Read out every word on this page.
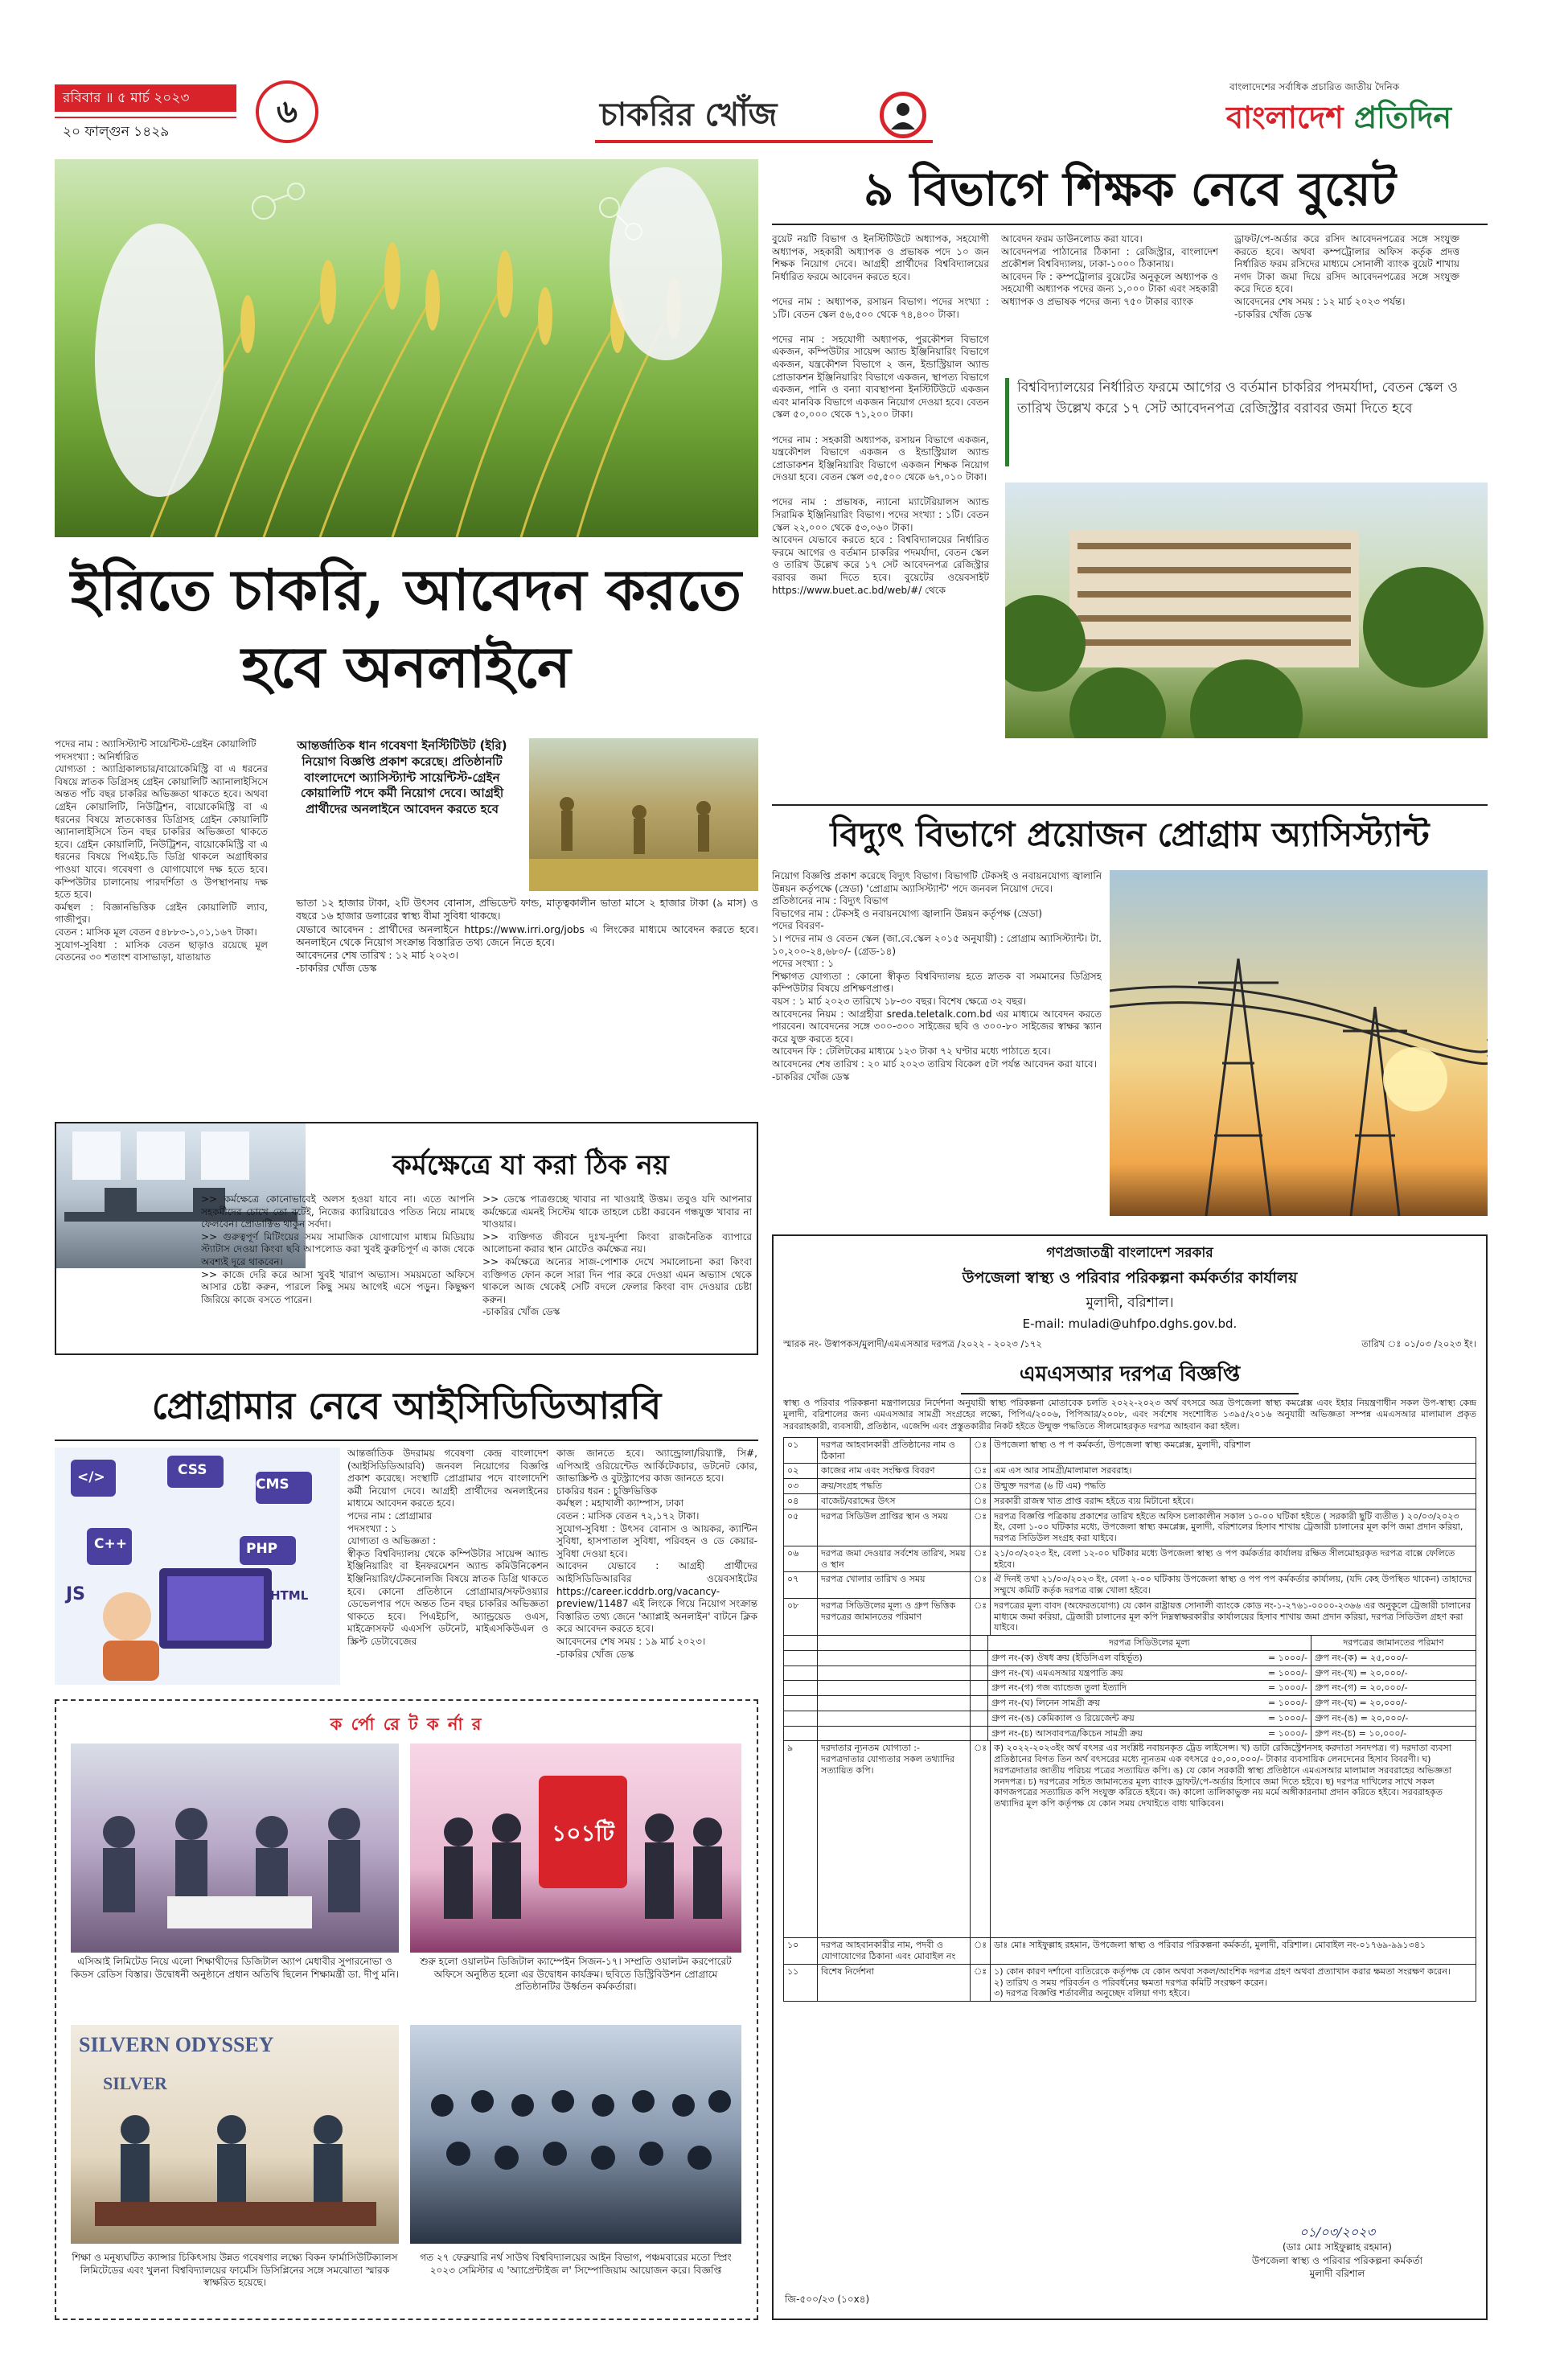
রবিবার ॥ ৫ মার্চ ২০২৩
২০ ফাল্গুন ১৪২৯
৬	চাকরির খোঁজ
বাংলাদেশের সর্বাধিক প্রচারিত জাতীয় দৈনিক
বাংলাদেশ প্রতিদিন
ইরিতে চাকরি, আবেদন করতে হবে অনলাইনে
পদের নাম : অ্যাসিস্ট্যান্ট সায়েন্টিস্ট-গ্রেইন কোয়ালিটি
পদসংখ্যা : অনির্ধারিত
যোগ্যতা : অ্যাগ্রিকালচার/বায়োকেমিস্ট্রি বা এ ধরনের বিষয়ে স্নাতক ডিগ্রিসহ গ্রেইন কোয়ালিটি অ্যানালাইসিসে অন্তত পাঁচ বছর চাকরির অভিজ্ঞতা থাকতে হবে। অথবা গ্রেইন কোয়ালিটি, নিউট্রিশন, বায়োকেমিস্ট্রি বা এ ধরনের বিষয়ে স্নাতকোত্তর ডিগ্রিসহ গ্রেইন কোয়ালিটি অ্যানালাইসিসে তিন বছর চাকরির অভিজ্ঞতা থাকতে হবে। গ্রেইন কোয়ালিটি, নিউট্রিশন, বায়োকেমিস্ট্রি বা এ ধরনের বিষয়ে পিএইচ.ডি ডিগ্রি থাকলে অগ্রাধিকার পাওয়া যাবে। গবেষণা ও যোগাযোগে দক্ষ হতে হবে। কম্পিউটার চালানোয় পারদর্শিতা ও উপস্থাপনায় দক্ষ হতে হবে।
কর্মস্থল : বিজ্ঞানভিত্তিক গ্রেইন কোয়ালিটি ল্যাব, গাজীপুর।
বেতন : মাসিক মূল বেতন ৫৪৮৮৩-১,০১,১৬৭ টাকা।
সুযোগ-সুবিধা : মাসিক বেতন ছাড়াও রয়েছে মূল বেতনের ৩০ শতাংশ বাসাভাড়া, যাতায়াত
আন্তর্জাতিক ধান গবেষণা ইনস্টিটিউট (ইরি) নিয়োগ বিজ্ঞপ্তি প্রকাশ করেছে। প্রতিষ্ঠানটি বাংলাদেশে অ্যাসিস্ট্যান্ট সায়েন্টিস্ট-গ্রেইন কোয়ালিটি পদে কর্মী নিয়োগ দেবে। আগ্রহী প্রার্থীদের অনলাইনে আবেদন করতে হবে
ভাতা ১২ হাজার টাকা, ২টি উৎসব বোনাস, প্রভিডেন্ট ফান্ড, মাতৃত্বকালীন ভাতা মাসে ২ হাজার টাকা (৯ মাস) ও বছরে ১৬ হাজার ডলারের স্বাস্থ্য বীমা সুবিধা থাকছে।
যেভাবে আবেদন : প্রার্থীদের অনলাইনে https://www.irri.org/jobs এ লিংকের মাধ্যমে আবেদন করতে হবে। অনলাইনে থেকে নিয়োগ সংক্রান্ত বিস্তারিত তথ্য জেনে নিতে হবে।
আবেদনের শেষ তারিখ : ১২ মার্চ ২০২৩।
-চাকরির খোঁজ ডেস্ক
৯ বিভাগে শিক্ষক নেবে বুয়েট
বুয়েট নয়টি বিভাগ ও ইনস্টিটিউটে অধ্যাপক, সহযোগী অধ্যাপক, সহকারী অধ্যাপক ও প্রভাষক পদে ১০ জন শিক্ষক নিয়োগ দেবে। আগ্রহী প্রার্থীদের বিশ্ববিদ্যালয়ের নির্ধারিত ফরমে আবেদন করতে হবে।

পদের নাম : অধ্যাপক, রসায়ন বিভাগ। পদের সংখ্যা : ১টি। বেতন স্কেল ৫৬,৫০০ থেকে ৭৪,৪০০ টাকা।

পদের নাম : সহযোগী অধ্যাপক, পুরকৌশল বিভাগে একজন, কম্পিউটার সায়েন্স অ্যান্ড ইঞ্জিনিয়ারিং বিভাগে একজন, যন্ত্রকৌশল বিভাগে ২ জন, ইন্ডাস্ট্রিয়াল অ্যান্ড প্রোডাকশন ইঞ্জিনিয়ারিং বিভাগে একজন, স্থাপত্য বিভাগে একজন, পানি ও বন্যা ব্যবস্থাপনা ইনস্টিটিউটে একজন এবং মানবিক বিভাগে একজন নিয়োগ দেওয়া হবে। বেতন স্কেল ৫০,০০০ থেকে ৭১,২০০ টাকা।

পদের নাম : সহকারী অধ্যাপক, রসায়ন বিভাগে একজন, যন্ত্রকৌশল বিভাগে একজন ও ইন্ডাস্ট্রিয়াল অ্যান্ড প্রোডাকশন ইঞ্জিনিয়ারিং বিভাগে একজন শিক্ষক নিয়োগ দেওয়া হবে। বেতন স্কেল ৩৫,৫০০ থেকে ৬৭,০১০ টাকা।

পদের নাম : প্রভাষক, ন্যানো ম্যাটেরিয়ালস অ্যান্ড সিরামিক ইঞ্জিনিয়ারিং বিভাগ। পদের সংখ্যা : ১টি। বেতন স্কেল ২২,০০০ থেকে ৫৩,০৬০ টাকা।
আবেদন যেভাবে করতে হবে : বিশ্ববিদ্যালয়ের নির্ধারিত ফরমে আগের ও বর্তমান চাকরির পদমর্যাদা, বেতন স্কেল ও তারিখ উল্লেখ করে ১৭ সেট আবেদনপত্র রেজিস্ট্রার বরাবর জমা দিতে হবে। বুয়েটের ওয়েবসাইট https://www.buet.ac.bd/web/#/ থেকে
আবেদন ফরম ডাউনলোড করা যাবে।
আবেদনপত্র পাঠানোর ঠিকানা : রেজিস্ট্রার, বাংলাদেশ প্রকৌশল বিশ্ববিদ্যালয়, ঢাকা-১০০০ ঠিকানায়।
আবেদন ফি : কম্পট্রোলার বুয়েটের অনুকূলে অধ্যাপক ও সহযোগী অধ্যাপক পদের জন্য ১,০০০ টাকা এবং সহকারী অধ্যাপক ও প্রভাষক পদের জন্য ৭৫০ টাকার ব্যাংক
ড্রাফট/পে-অর্ডার করে রসিদ আবেদনপত্রের সঙ্গে সংযুক্ত করতে হবে। অথবা কম্পট্রোলার অফিস কর্তৃক প্রদত্ত নির্ধারিত ফরম রসিদের মাধ্যমে সোনালী ব্যাংক বুয়েট শাখায় নগদ টাকা জমা দিয়ে রসিদ আবেদনপত্রের সঙ্গে সংযুক্ত করে দিতে হবে।
আবেদনের শেষ সময় : ১২ মার্চ ২০২৩ পর্যন্ত।
-চাকরির খোঁজ ডেস্ক
বিশ্ববিদ্যালয়ের নির্ধারিত ফরমে আগের ও বর্তমান চাকরির পদমর্যাদা, বেতন স্কেল ও তারিখ উল্লেখ করে ১৭ সেট আবেদনপত্র রেজিস্ট্রার বরাবর জমা দিতে হবে
বিদ্যুৎ বিভাগে প্রয়োজন প্রোগ্রাম অ্যাসিস্ট্যান্ট
নিয়োগ বিজ্ঞপ্তি প্রকাশ করেছে বিদ্যুৎ বিভাগ। বিভাগটি টেকসই ও নবায়নযোগ্য জ্বালানি উন্নয়ন কর্তৃপক্ষে (স্রেডা) 'প্রোগ্রাম অ্যাসিস্ট্যান্ট' পদে জনবল নিয়োগ দেবে।
প্রতিষ্ঠানের নাম : বিদ্যুৎ বিভাগ
বিভাগের নাম : টেকসই ও নবায়নযোগ্য জ্বালানি উন্নয়ন কর্তৃপক্ষ (স্রেডা)
পদের বিবরণ-
১। পদের নাম ও বেতন স্কেল (জা.বে.স্কেল ২০১৫ অনুযায়ী) : প্রোগ্রাম অ্যাসিস্ট্যান্ট। টা. ১০,২০০-২৪,৬৮০/- (গ্রেড-১৪)
পদের সংখ্যা : ১
শিক্ষাগত যোগ্যতা : কোনো স্বীকৃত বিশ্ববিদ্যালয় হতে স্নাতক বা সমমানের ডিগ্রিসহ কম্পিউটার বিষয়ে প্রশিক্ষণপ্রাপ্ত।
বয়স : ১ মার্চ ২০২৩ তারিখে ১৮-৩০ বছর। বিশেষ ক্ষেত্রে ৩২ বছর।
আবেদনের নিয়ম : আগ্রহীরা sreda.teletalk.com.bd এর মাধ্যমে আবেদন করতে পারবেন। আবেদনের সঙ্গে ৩০০-৩০০ সাইজের ছবি ও ৩০০-৮০ সাইজের স্বাক্ষর স্ক্যান করে যুক্ত করতে হবে।
আবেদন ফি : টেলিটকের মাধ্যমে ১২৩ টাকা ৭২ ঘণ্টার মধ্যে পাঠাতে হবে।
আবেদনের শেষ তারিখ : ২০ মার্চ ২০২৩ তারিখ বিকেল ৫টা পর্যন্ত আবেদন করা যাবে।
-চাকরির খোঁজ ডেস্ক
কর্মক্ষেত্রে যা করা ঠিক নয়
>> কর্মক্ষেত্রে কোনোভাবেই অলস হওয়া যাবে না। এতে আপনি সহকর্মীদের চোখে তো বটেই, নিজের ক্যারিয়ারেও পতিত নিয়ে নামছে ফেলবেন। প্রোডাক্টিভ থাকুন সর্বদা।
>> গুরুত্বপূর্ণ মিটিংয়ের সময় সামাজিক যোগাযোগ মাধ্যম মিডিয়ায় স্ট্যাটাস দেওয়া কিংবা ছবি আপলোড করা খুবই কুরুচিপূর্ণ এ কাজ থেকে অবশ্যই দূরে থাকবেন।
>> কাজে দেরি করে আসা খুবই খারাপ অভ্যাস। সময়মতো অফিসে আসার চেষ্টা করুন, পারলে কিছু সময় আগেই এসে পড়ুন। কিছুক্ষণ জিরিয়ে কাজে বসতে পারেন।
>> ডেস্কে পাত্রগুচ্ছে খাবার না খাওয়াই উত্তম। তবুও যদি আপনার কর্মক্ষেত্রে এমনই সিস্টেম থাকে তাহলে চেষ্টা করবেন গন্ধযুক্ত খাবার না খাওয়ার।
>> ব্যক্তিগত জীবনে দুঃখ-দুর্দশা কিংবা রাজনৈতিক ব্যাপারে আলোচনা করার স্থান মোটেও কর্মক্ষেত্র নয়।
>> কর্মক্ষেত্রে অন্যের সাজ-পোশাক দেখে সমালোচনা করা কিংবা ব্যক্তিগত ফোন কলে সারা দিন পার করে দেওয়া এমন অভ্যাস থেকে থাকলে আজ থেকেই সেটি বদলে ফেলার কিংবা বাদ দেওয়ার চেষ্টা করুন।
-চাকরির খোঁজ ডেস্ক
প্রোগ্রামার নেবে আইসিডিডিআরবি
</>	CMS
CSS
C++	PHP
JS	HTML
আন্তর্জাতিক উদরাময় গবেষণা কেন্দ্র বাংলাদেশ (আইসিডিডিআরবি) জনবল নিয়োগের বিজ্ঞপ্তি প্রকাশ করেছে। সংস্থাটি প্রোগ্রামার পদে বাংলাদেশি কর্মী নিয়োগ দেবে। আগ্রহী প্রার্থীদের অনলাইনের মাধ্যমে আবেদন করতে হবে।
পদের নাম : প্রোগ্রামার
পদসংখ্যা : ১
যোগ্যতা ও অভিজ্ঞতা :
স্বীকৃত বিশ্ববিদ্যালয় থেকে কম্পিউটার সায়েন্স অ্যান্ড ইঞ্জিনিয়ারিং বা ইনফরমেশন অ্যান্ড কমিউনিকেশন ইঞ্জিনিয়ারিং/টেকনোলজি বিষয়ে স্নাতক ডিগ্রি থাকতে হবে। কোনো প্রতিষ্ঠানে প্রোগ্রামার/সফটওয়্যার ডেভেলপার পদে অন্তত তিন বছর চাকরির অভিজ্ঞতা থাকতে হবে। পিএইচপি, অ্যান্ড্রয়েড ওএস, মাইক্রোসফট এএসপি ডটনেট, মাইএসকিউএল ও স্ক্রিপ্ট ডেটাবেজের
কাজ জানতে হবে। অ্যান্ড্রোলা/রিয়্যাক্ট, সি#, এপিআই ওরিয়েন্টেড আর্কিটেকচার, ডটনেট কোর, জাভাস্ক্রিপ্ট ও বুটস্ট্র্যাপের কাজ জানতে হবে।
চাকরির ধরন : চুক্তিভিত্তিক
কর্মস্থল : মহাখালী ক্যাম্পাস, ঢাকা
বেতন : মাসিক বেতন ৭২,১৭২ টাকা।
সুযোগ-সুবিধা : উৎসব বোনাস ও আয়কর, ক্যান্টিন সুবিধা, হাসপাতাল সুবিধা, পরিবহন ও ডে কেয়ার-সুবিধা দেওয়া হবে।
আবেদন যেভাবে : আগ্রহী প্রার্থীদের আইসিডিডিআরবির ওয়েবসাইটের https://career.icddrb.org/vacancy-preview/11487 এই লিংকে গিয়ে নিয়োগ সংক্রান্ত বিস্তারিত তথ্য জেনে 'অ্যাপ্লাই অনলাইন' বাটনে ক্লিক করে আবেদন করতে হবে।
আবেদনের শেষ সময় : ১৯ মার্চ ২০২৩।
-চাকরির খোঁজ ডেস্ক
ক র্পো রে ট ক র্না র
এসিআই লিমিটেড নিয়ে এলো শিক্ষাথীদের ডিজিটাল অ্যাপ মেধাবীর সুপারনোভা ও কিডস রেডিস বিস্তার। উদ্বোধনী অনুষ্ঠানে প্রধান অতিথি ছিলেন শিক্ষামন্ত্রী ডা. দীপু মনি।
১০১টি
শুরু হলো ওয়ালটন ডিজিটাল ক্যাম্পেইন সিজন-১৭। সম্প্রতি ওয়ালটন করপোরেট অফিসে অনুষ্ঠিত হলো এর উদ্বোধন কার্যক্রম। ছবিতে ডিস্ট্রিবিউশন প্রোগ্রামে প্রতিষ্ঠানটির উর্ধ্বতন কর্মকর্তারা।
SILVERN ODYSSEY
SILVER
শিক্ষা ও মনুষ্যঘটিত ক্যান্সার চিকিৎসায় উন্নত গবেষণার লক্ষ্যে বিকন ফার্মাসিউটিক্যালস লিমিটেডের এবং খুলনা বিশ্ববিদ্যালয়ের ফার্মেসি ডিসিপ্লিনের সঙ্গে সমঝোতা স্মারক স্বাক্ষরিত হয়েছে।
গত ২৭ ফেব্রুয়ারি নর্থ সাউথ বিশ্ববিদ্যালয়ের আইন বিভাগ, পঞ্চমবারের মতো স্প্রিং ২০২৩ সেমিস্টার এ 'অ্যাপ্রেন্টাইজ ল' সিম্পোজিয়াম আয়োজন করে। বিজ্ঞপ্তি
গণপ্রজাতন্ত্রী বাংলাদেশ সরকার
উপজেলা স্বাস্থ্য ও পরিবার পরিকল্পনা কর্মকর্তার কার্যালয়
মুলাদী, বরিশাল।
E-mail: muladi@uhfpo.dghs.gov.bd.
স্মারক নং- উস্বাপকস/মুলাদী/এমএসআর দরপত্র /২০২২ - ২০২৩ /১৭২	তারিখ ঃ ০১/০৩ /২০২৩ ইং।
এমএসআর দরপত্র বিজ্ঞপ্তি
স্বাস্থ্য ও পরিবার পরিকল্পনা মন্ত্রণালয়ের নির্দেশনা অনুযায়ী স্বাস্থ্য পরিকল্পনা মোতাবেক চলতি ২০২২-২০২৩ অর্থ বৎসরে অত্র উপজেলা স্বাস্থ্য কমপ্লেক্স এবং ইহার নিয়ন্ত্রণাধীন সকল উপ-স্বাস্থ্য কেন্দ্র মুলাদী, বরিশালের জন্য এমএসআর সামগ্রী সংগ্রহের লক্ষ্যে, পিপিএ/২০০৬, পিপিআর/২০০৮, এবং সর্বশেষ সংশোধিত ১৩৯৫/২০১৬ অনুযায়ী অভিজ্ঞতা সম্পন্ন এমএসআর মালামাল প্রকৃত সরবরাহকারী, ব্যবসায়ী, প্রতিষ্ঠান, এজেন্সি এবং প্রস্তুতকারীর নিকট হইতে উন্মুক্ত পদ্ধতিতে সীলমোহরকৃত দরপত্র আহবান করা হইল।
০১	দরপত্র আহবানকারী প্রতিষ্ঠানের নাম ও ঠিকানা	ঃ	উপজেলা স্বাস্থ্য ও প প কর্মকর্তা, উপজেলা স্বাস্থ্য কমপ্লেক্স, মুলাদী, বরিশাল
০২	কাজের নাম এবং সংক্ষিপ্ত বিবরণ	ঃ	এম এস আর সামগ্রী/মালামাল সরবরাহ।
০৩	ক্রয়/সংগ্রহ পদ্ধতি	ঃ	উন্মুক্ত দরপত্র (৬ টি এম) পদ্ধতি
০৪	বাজেট/বরাদ্দের উৎস	ঃ	সরকারী রাজস্ব খাত প্রাপ্ত বরাদ্দ হইতে ব্যয় মিটানো হইবে।
০৫	দরপত্র সিডিউল প্রাপ্তির স্থান ও সময়	ঃ	দরপত্র বিজ্ঞপ্তি পত্রিকায় প্রকাশের তারিখ হইতে অফিস চলাকালীন সকাল ১০-০০ ঘটিকা হইতে ( সরকারী ছুটি ব্যতীত ) ২০/০৩/২০২৩ ইং, বেলা ১-০০ ঘটিকার মধ্যে, উপজেলা স্বাস্থ্য কমপ্লেক্স, মুলাদী, বরিশালের হিসাব শাখায় ট্রেজারী চালানের মূল কপি জমা প্রদান করিয়া, দরপত্র সিডিউল সংগ্রহ করা যাইবে।
০৬	দরপত্র জমা দেওয়ার সর্বশেষ তারিখ, সময় ও স্থান	ঃ	২১/০৩/২০২৩ ইং, বেলা ১২-০০ ঘটিকার মধ্যে উপজেলা স্বাস্থ্য ও পপ কর্মকর্তার কার্যালয় রক্ষিত সীলমোহরকৃত দরপত্র বাক্সে ফেলিতে হইবে।
০৭	দরপত্র খোলার তারিখ ও সময়	ঃ	ঐ দিনই তথা ২১/০৩/২০২৩ ইং, বেলা ২-০০ ঘটিকায় উপজেলা স্বাস্থ্য ও পপ পপ কর্মকর্তার কার্যালয়, (যদি কেহ উপস্থিত থাকেন) তাহাদের সম্মুখে কমিটি কর্তৃক দরপত্র বাক্স খোলা হইবে।
০৮	দরপত্র সিডিউলের মূল্য ও গ্রুপ ভিত্তিক দরপত্রের জামানতের পরিমাণ	ঃ	দরপত্রের মূল্য বাবদ (অফেরতযোগ্য) যে কোন রাষ্ট্রায়ত্ত সোনালী ব্যাংকে কোড নং-১-২৭৬১-০০০০-২৩৬৬ এর অনুকূলে ট্রেজারী চালানের মাধ্যমে জমা করিয়া, ট্রেজারী চালানের মূল কপি নিম্নস্বাক্ষরকারীর কার্যালয়ের হিসাব শাখায় জমা প্রদান করিয়া, দরপত্র সিডিউল গ্রহণ করা যাইবে।
			দরপত্র সিডিউলের মূল্য	দরপত্রের জামানতের পরিমাণ
			গ্রুপ নং-(ক) ঔষধ ক্রয় (ইডিসিএল বহির্ভূত) = ১০০০/-	গ্রুপ নং-(ক) = ২৫,০০০/-
			গ্রুপ নং-(খ) এমএসআর যন্ত্রপাতি ক্রয় = ১০০০/-	গ্রুপ নং-(খ) = ২০,০০০/-
			গ্রুপ নং-(গ) গজ ব্যান্ডেজ তুলা ইত্যাদি = ১০০০/-	গ্রুপ নং-(গ) = ২০,০০০/-
			গ্রুপ নং-(ঘ) লিনেন সামগ্রী ক্রয় = ১০০০/-	গ্রুপ নং-(ঘ) = ২০,০০০/-
			গ্রুপ নং-(ঙ) কেমিক্যাল ও রিয়েজেন্ট ক্রয় = ১০০০/-	গ্রুপ নং-(ঙ) = ২০,০০০/-
			গ্রুপ নং-(চ) আসবাবপত্র/কিচেন সামগ্রী ক্রয় = ১০০০/-	গ্রুপ নং-(চ) = ১০,০০০/-
৯	দরদাতার ন্যূনতম যোগ্যতা :-
দরপত্রদাতার যোগ্যতার সকল তথ্যাদির সত্যায়িত কপি।	ঃ	ক) ২০২২-২০২৩ইং অর্থ বৎসর এর সংশ্লিষ্ট নবায়নকৃত ট্রেড লাইসেন্স। খ) ডাটা রেজিস্ট্রেশনসহ করদাতা সনদপত্র। গ) দরদাতা ব্যবসা প্রতিষ্ঠানের বিগত তিন অর্থ বৎসরের মধ্যে ন্যূনতম এক বৎসরে ৫০,০০,০০০/- টাকার ব্যবসায়িক লেনদেনের হিসাব বিবরণী। ঘ) দরপত্রদাতার জাতীয় পরিচয় পত্রের সত্যায়িত কপি। ঙ) যে কোন সরকারী স্বাস্থ্য প্রতিষ্ঠানে এমএসআর মালামাল সরবরাহের অভিজ্ঞতা সনদপত্র। চ) দরপত্রের সহিত জামানতের মূল্য ব্যাংক ড্রাফট/পে-অর্ডার হিসাবে জমা দিতে হইবে। ছ) দরপত্র দাখিলের সাথে সকল কাগজপত্রের সত্যায়িত কপি সংযুক্ত করিতে হইবে। জ) কালো তালিকাভুক্ত নয় মর্মে অঙ্গীকারনামা প্রদান করিতে হইবে। সরবরাহকৃত তথ্যাদির মূল কপি কর্তৃপক্ষ যে কোন সময় দেখাইতে বাধ্য থাকিবেন।
১০	দরপত্র আহবানকারীর নাম, পদবী ও যোগাযোগের ঠিকানা এবং মোবাইল নং	ঃ	ডাঃ মোঃ সাইফুল্লাহ রহমান, উপজেলা স্বাস্থ্য ও পরিবার পরিকল্পনা কর্মকর্তা, মুলাদী, বরিশাল। মোবাইল নং-০১৭৬৯-৯৯১৩৪১
১১	বিশেষ নির্দেশনা	ঃ	১) কোন কারণ দর্শানো ব্যতিরেকে কর্তৃপক্ষ যে কোন অথবা সকল/আংশিক দরপত্র গ্রহণ অথবা প্রত্যাখান করার ক্ষমতা সংরক্ষণ করেন।
২) তারিখ ও সময় পরিবর্তন ও পরিবর্ধনের ক্ষমতা দরপত্র কমিটি সংরক্ষণ করেন।
৩) দরপত্র বিজ্ঞপ্তি শর্তাবলীর অনুচ্ছেদ বলিয়া গণ্য হইবে।
০১/০৩/২০২৩
(ডাঃ মোঃ সাইফুল্লাহ রহমান)
উপজেলা স্বাস্থ্য ও পরিবার পরিকল্পনা কর্মকর্তা
মুলাদী বরিশাল
জি-৫০০/২৩ (১০x৪)
